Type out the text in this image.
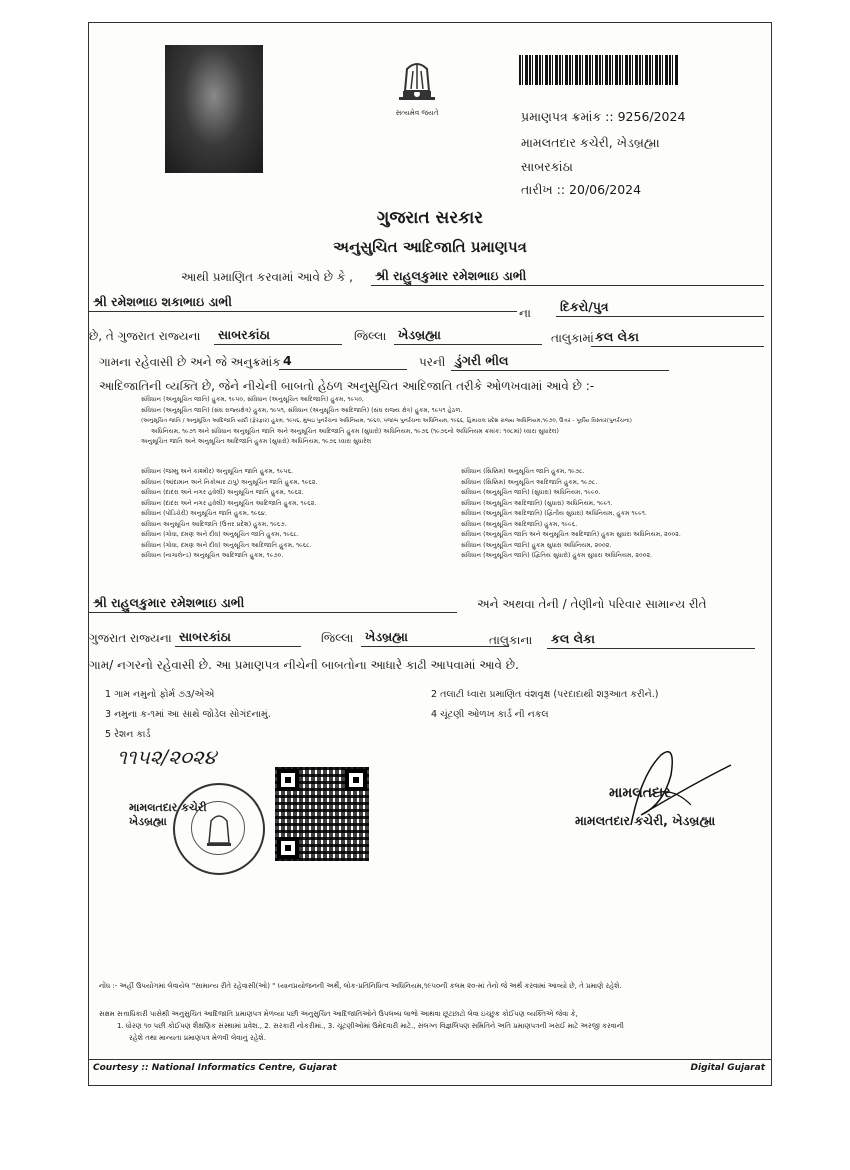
સત્યમેવ જયતે	પ્રમાણપત્ર ક્રમાંક :: 9256/2024
મામલતદાર કચેરી, ખેડબ્રહ્મા
સાબરકાંઠા
તારીખ :: 20/06/2024
ગુજરાત સરકાર
અનુસુચિત આદિજાતિ પ્રમાણપત્ર
આથી પ્રમાણિત કરવામાં આવે છે કે ,	શ્રી રાહુલકુમાર રમેશભાઇ ડાભી
શ્રી રમેશભાઇ શકાભાઇ ડાભી
ના	દિકરો/પુત્ર
છે, તે ગુજરાત રાજ્યના	સાબરકાંઠા	જિલ્લા ખેડબ્રહ્મા	તાલુકામાં કલ લેકા
ગામના રહેવાસી છે અને જે અનુક્રમાંક 4	પરની ડુંગરી ભીલ
આદિજાતિની વ્યક્તિ છે, જેને નીચેની બાબતો હેઠળ અનુસુચિત આદિજાતિ તરીકે ઓળખવામાં આવે છે :-
સંવિધાન (અનુસૂચિત જાતિ) હુકમ, ૧૯૫૦, સંવિધાન (અનુસૂચિત આદિજાતિ) હુકમ, ૧૯૫૦,
સંવિધાન (અનુસૂચિત જાતિ) (સંઘ રાજ્યક્ષેત્ર) હુકમ, ૧૯૫૧, સંવિધાન (અનુસૂચિત આદિજાતિ) (સંઘ રાજ્ય ક્ષેત્ર) હુકમ, ૧૯૫૧ હેઠળ.
(અનુસૂચિત જાતિ / અનુસૂચિત આદિજાતિ યાદી (ફેરફાર) હુકમ, ૧૯૫૬, મુંબઇ પુનર્રચના અધિનિયમ, ૧૯૬૦, પંજાબ પુનર્રચના અધિનિયમ, ૧૯૬૬, હિમાચલ પ્રદેશ રાજ્ય અધિનિયમ,૧૯૭૦, ઉત્તર - પૂર્વીય વિસ્તાર(પુનર્રચના)
અધિનિયમ, ૧૯૭૧ અને સંવિધાન અનુસૂચિત જાતિ અને અનુસૂચિત આદિજાતિ હુકમ (સુધારો) અધિનિયમ, ૧૯૭૬ (૧૯૭૬નો અધિનિયમ ક્રમાંક: ૧૦૮માં) ધ્વારા સુધારેલ)
અનુસૂચિત જાતિ અને અનુસૂચિત આદિજાતિ હુકમ (સુધારો) અધિનિયમ, ૧૯૭૬ ધ્વારા સુધારેલ
સંવિધાન (જમ્મુ અને કાશ્મીર) અનુસૂચિત જાતિ હુકમ, ૧૯૫૬.
સંવિધાન (આંદામાન અને નિકોબાર ટાપુ) અનુસૂચિત જાતિ હુકમ, ૧૯૬૨.
સંવિધાન (દાદરા અને નગર હવેલી) અનુસૂચિત જાતિ હુકમ, ૧૯૬૨.
સંવિધાન (દાદરા અને નગર હવેલી) અનુસૂચિત આદિજાતિ હુકમ, ૧૯૬૨.
સંવિધાન (પોંડિચેરી) અનુસૂચિત જાતિ હુકમ, ૧૯૬૪.
સંવિધાન અનુસૂચિત આદિજાતિ (ઉત્તર પ્રદેશ) હુકમ, ૧૯૬૭.
સંવિધાન (ગોવા, દમણ અને દીવ) અનુસૂચિત જાતિ હુકમ, ૧૯૬૮.
સંવિધાન (ગોવા, દમણ અને દીવ) અનુસૂચિત આદિજાતિ હુકમ, ૧૯૬૮.
સંવિધાન (નાગાલેન્ડ) અનુસૂચિત આદિજાતિ હુકમ, ૧૯૭૦.
સંવિધાન (સિક્કિમ) અનુસૂચિત જાતિ હુકમ, ૧૯૭૮.
સંવિધાન (સિક્કિમ) અનુસૂચિત આદિજાતિ હુકમ, ૧૯૭૮.
સંવિધાન (અનુસૂચિત જાતિ) (સુધારા) અધિનિયમ, ૧૯૯૦.
સંવિધાન (અનુસૂચિત આદિજાતિ) (સુધારા) અધિનિયમ, ૧૯૯૧.
સંવિધાન (અનુસૂચિત આદિજાતિ) (દ્વિતીય સુધારા) અધિનિયમ, હુકમ ૧૯૯૧.
સંવિધાન (અનુસૂચિત આદિજાતિ) હુકમ, ૧૯૯૬.
સંવિધાન (અનુસૂચિત જાતિ અને અનુસૂચિત આદિજાતિ) હુકમ સુધારા અધિનિયમ, ૨૦૦૨.
સંવિધાન (અનુસૂચિત જાતિ) હુકમ સુધારા અધિનિયમ, ૨૦૦૨.
સંવિધાન (અનુસૂચિત જાતિ) (દ્વિતિય સુધારો) હુકમ સુધારા અધિનિયમ, ૨૦૦૨.
શ્રી રાહુલકુમાર રમેશભાઇ ડાભી	અને અથવા તેની / તેણીનો પરિવાર સામાન્ય રીતે
ગુજરાત રાજ્યના સાબરકાંઠા	જિલ્લા ખેડબ્રહ્મા	તાલુકાના	કલ લેકા
ગામ/ નગરનો રહેવાસી છે. આ પ્રમાણપત્ર નીચેની બાબતોના આધારે કાઢી આપવામાં આવે છે.
1 ગામ નમુનો ફોર્મ ૭૩/એએ	2 તલાટી ધ્વારા પ્રમાણિત વંશવૃક્ષ (પરદાદાથી શરૂઆત કરીને.)
3 નમુના ક-૧માં આ સાથે જોડેલ સોગંદનામું.	4 ચૂંટણી ઓળખ કાર્ડ ની નકલ
5 રેશન કાર્ડ
૧૧૫૨/૨૦૨૪
મામલતદાર કચેરી ખેડબ્રહ્મા
મામલતદાર
મામલતદાર કચેરી, ખેડબ્રહ્મા
નોંધ :- અહીં ઉપયોગમાં લેવાયેલ "સામાન્ય રીતે રહેવાસી(ઓ) " ધ્યાનપ્રયોજનની અર્થે, લોક-પ્રતિનિધિત્વ અધિનિયમ,૧૯૫૦ની કલમ ૨૦-માં તેનો જે અર્થ કરવામાં આવ્યો છે, તે પ્રમાણે રહેશે.
સક્ષમ સત્તાધિકારી પાસેથી અનુસુચિત આદિજાતિ પ્રમાણપત્ર મેળવ્યા પછી અનુસુચિત આદિજાતિઓને ઉપલબ્ધ લાભો આથવા છૂટછાટો લેવા ઇચ્છુક કોઈપણ વ્યક્તિએ જેવા કે,
1. ધોરણ ૧૦ પછી કોઈપણ શૈક્ષણિક સંસ્થામાં પ્રવેશ., 2. સરકારી નોકરીમાં., 3. ચૂંટણીઓમાં ઉમેદવારી માટે., સંલગ્ન વિજ્ઞલિપણ સમિતિને અતિ પ્રમાણપત્રની ખરાઈ માટે અરજી કરવાની
રહેશે તથા માન્યતા પ્રમાણપત્ર મેળવી લેવાનું રહેશે.
Courtesy :: National Informatics Centre, Gujarat	Digital Gujarat
